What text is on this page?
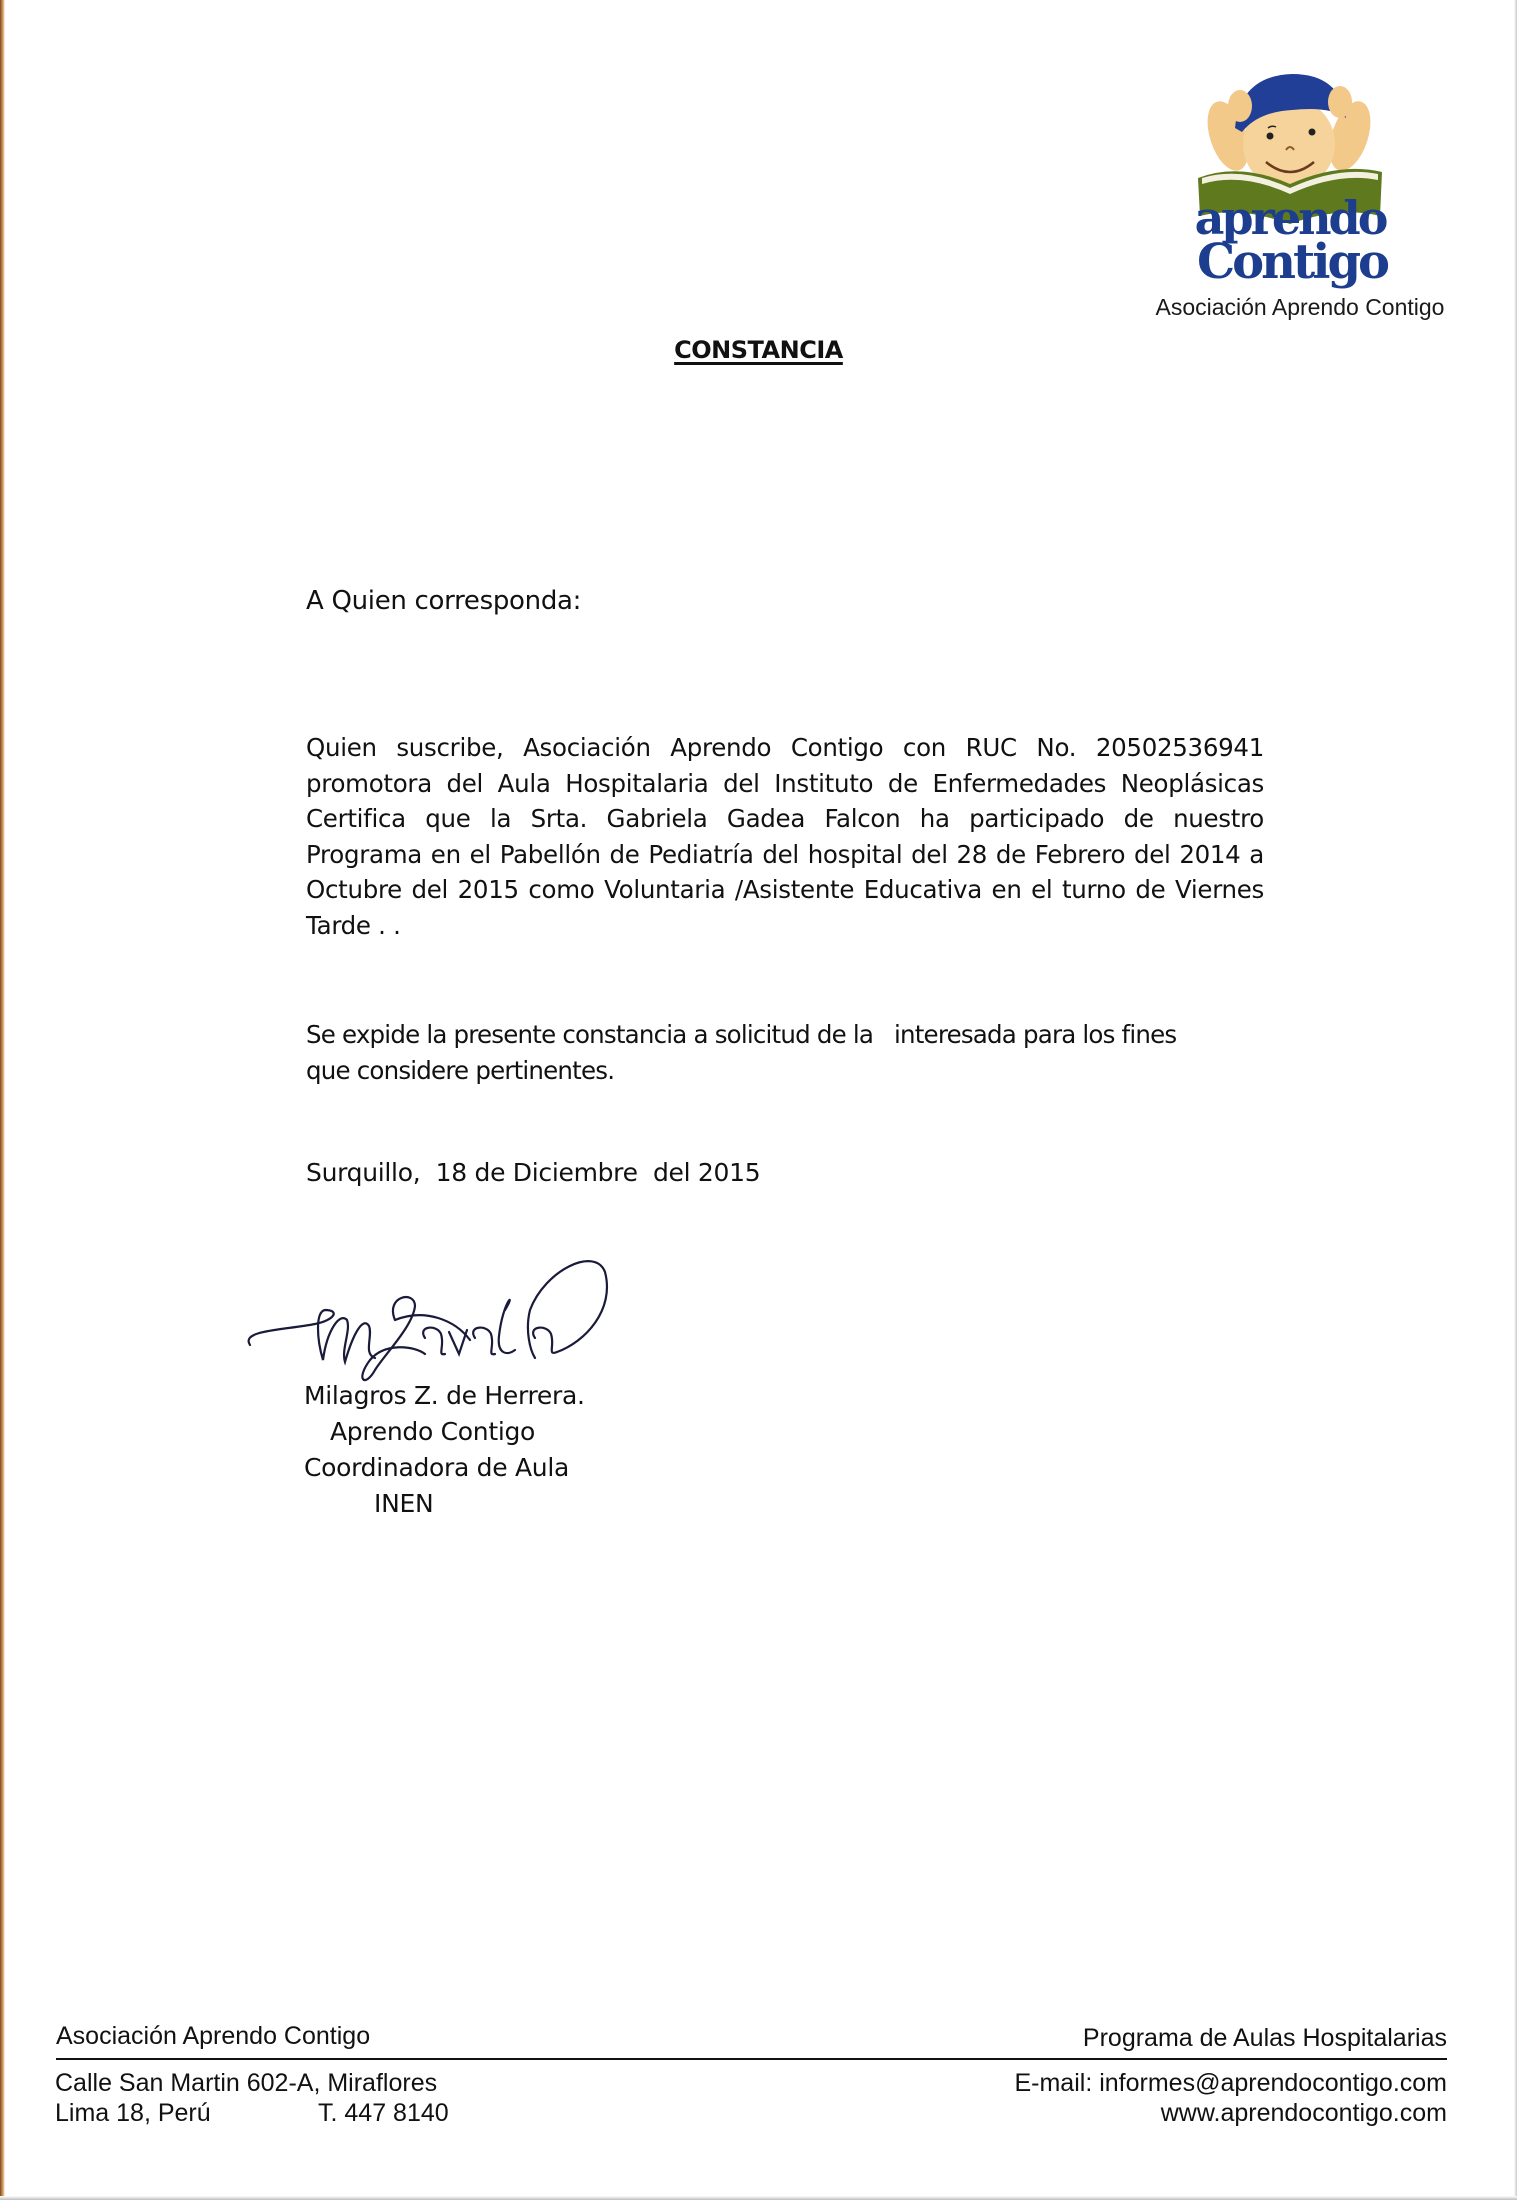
aprendo
Contigo
Asociación Aprendo Contigo
CONSTANCIA
A Quien corresponda:
Quien suscribe, Asociación Aprendo Contigo con RUC No. 20502536941
promotora del Aula Hospitalaria del Instituto de Enfermedades Neoplásicas
Certifica que la Srta. Gabriela Gadea Falcon ha participado de nuestro
Programa en el Pabellón de Pediatría del hospital del 28 de Febrero del 2014 a
Octubre del 2015 como Voluntaria /Asistente Educativa en el turno de Viernes
Tarde . .
Se expide la presente constancia a solicitud de la   interesada para los fines
que considere pertinentes.
Surquillo,  18 de Diciembre  del 2015
Milagros Z. de Herrera.
Aprendo Contigo
Coordinadora de Aula
INEN
Asociación Aprendo Contigo	Programa de Aulas Hospitalarias
Calle San Martin 602-A, Miraflores
Lima 18, Perú	T. 447 8140
E-mail: informes@aprendocontigo.com
www.aprendocontigo.com
